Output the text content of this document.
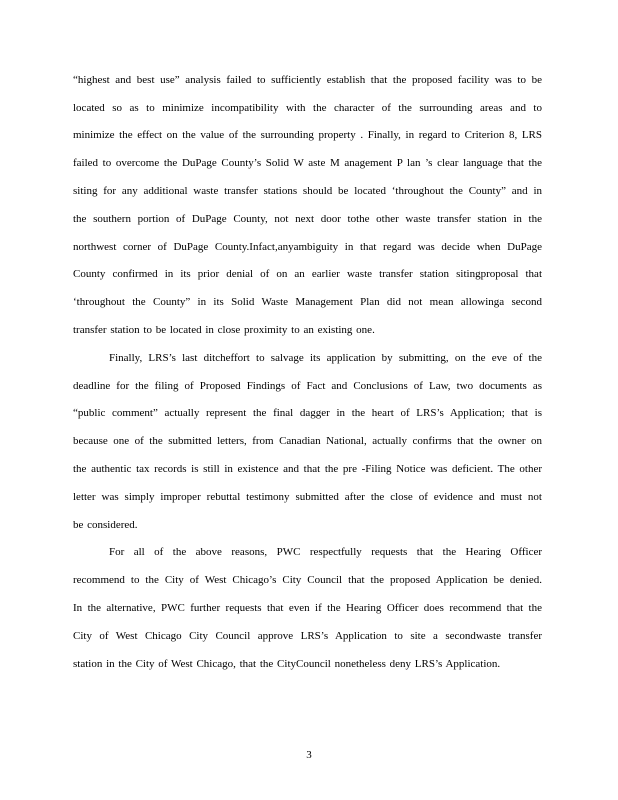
“highest and best use” analysis failed to sufficiently establish that the proposed facility was to be
located so as to minimize incompatibility with the character of the surrounding areas and to
minimize the effect on the value of the surrounding property . Finally, in regard to Criterion 8, LRS
failed to overcome the DuPage County’s Solid W aste M anagement P lan ’s clear language that the
siting for any additional waste transfer stations should be located ‘throughout the County” and in
the southern portion of DuPage County, not next door tothe other waste transfer station in the
northwest corner of DuPage County.Infact,anyambiguity in that regard was decide when DuPage
County confirmed in its prior denial of on an earlier waste transfer station sitingproposal that
‘throughout the County” in its Solid Waste Management Plan did not mean allowinga second
transfer station to be located in close proximity to an existing one.
Finally, LRS’s last ditcheffort to salvage its application by submitting, on the eve of the
deadline for the filing of Proposed Findings of Fact and Conclusions of Law, two documents as
“public comment” actually represent the final dagger in the heart of LRS’s Application; that is
because one of the submitted letters, from Canadian National, actually confirms that the owner on
the authentic tax records is still in existence and that the pre -Filing Notice was deficient. The other
letter was simply improper rebuttal testimony submitted after the close of evidence and must not
be considered.
For all of the above reasons, PWC respectfully requests that the Hearing Officer
recommend to the City of West Chicago’s City Council that the proposed Application be denied.
In the alternative, PWC further requests that even if the Hearing Officer does recommend that the
City of West Chicago City Council approve LRS’s Application to site a secondwaste transfer
station in the City of West Chicago, that the CityCouncil nonetheless deny LRS’s Application.
3
